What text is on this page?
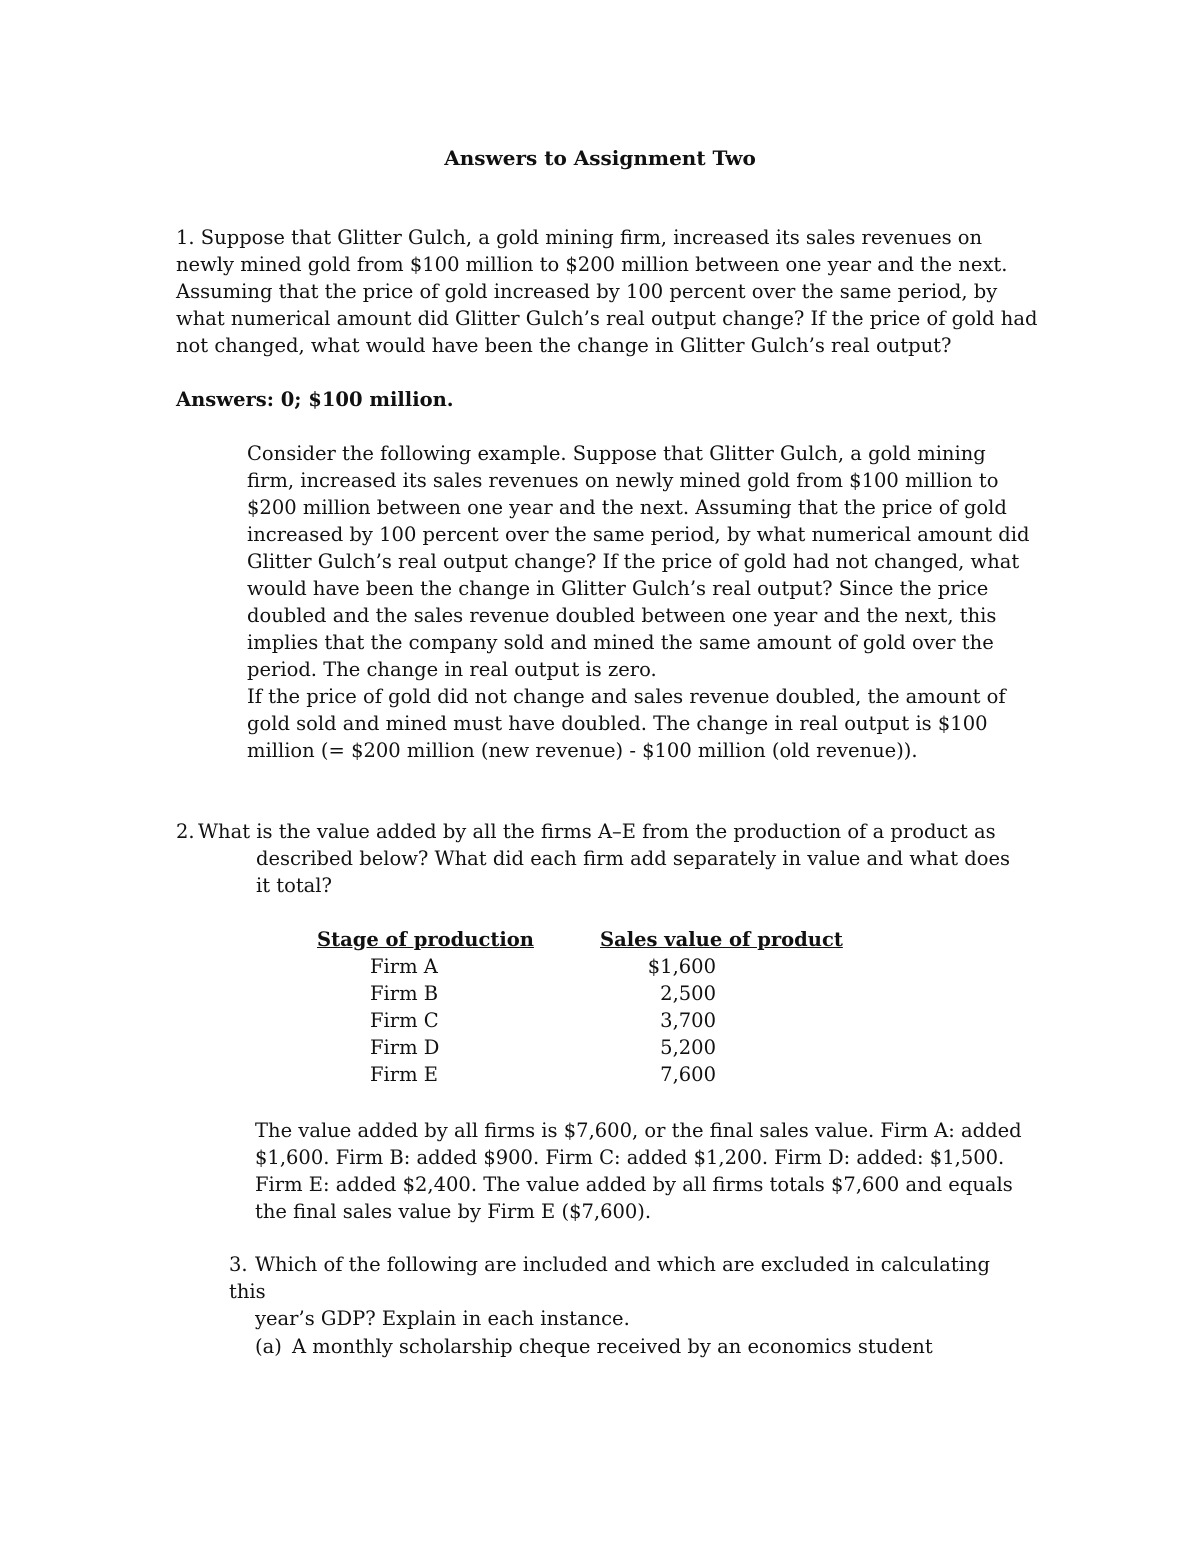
Answers to Assignment Two

1. Suppose that Glitter Gulch, a gold mining firm, increased its sales revenues on newly mined gold from $100 million to $200 million between one year and the next. Assuming that the price of gold increased by 100 percent over the same period, by what numerical amount did Glitter Gulch’s real output change? If the price of gold had not changed, what would have been the change in Glitter Gulch’s real output?

Answers: 0; $100 million.

Consider the following example. Suppose that Glitter Gulch, a gold mining firm, increased its sales revenues on newly mined gold from $100 million to $200 million between one year and the next. Assuming that the price of gold increased by 100 percent over the same period, by what numerical amount did Glitter Gulch’s real output change? If the price of gold had not changed, what would have been the change in Glitter Gulch’s real output? Since the price doubled and the sales revenue doubled between one year and the next, this implies that the company sold and mined the same amount of gold over the period. The change in real output is zero.

If the price of gold did not change and sales revenue doubled, the amount of gold sold and mined must have doubled. The change in real output is $100 million (= $200 million (new revenue) - $100 million (old revenue)).

2. What is the value added by all the firms A–E from the production of a product as
described below? What did each firm add separately in value and what does it total?

Stage of production	Sales value of product
Firm A	$1,600
Firm B	2,500
Firm C	3,700
Firm D	5,200
Firm E	7,600

The value added by all firms is $7,600, or the final sales value. Firm A: added $1,600. Firm B: added $900. Firm C: added $1,200. Firm D: added: $1,500. Firm E: added $2,400. The value added by all firms totals $7,600 and equals the final sales value by Firm E ($7,600).

3. Which of the following are included and which are excluded in calculating this
year’s GDP? Explain in each instance.

(a) A monthly scholarship cheque received by an economics student
